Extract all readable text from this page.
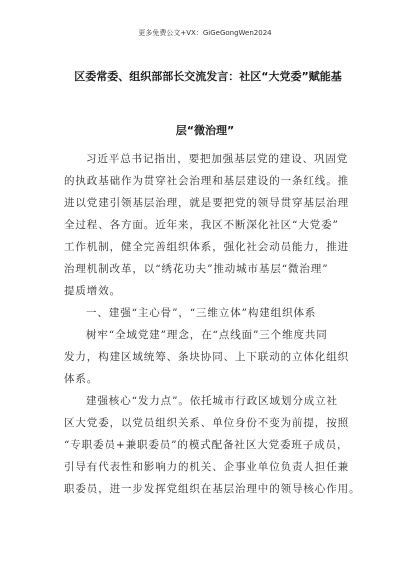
更多免费公文+VX：GiGeGongWen2024
区委常委、组织部部长交流发言：社区“大党委”赋能基
层“微治理”
习近平总书记指出，要把加强基层党的建设、巩固党
的执政基础作为贯穿社会治理和基层建设的一条红线。推
进以党建引领基层治理，就是要把党的领导贯穿基层治理
全过程、各方面。近年来，我区不断深化社区“大党委”
工作机制，健全完善组织体系，强化社会动员能力，推进
治理机制改革，以“绣花功夫”推动城市基层“微治理”
提质增效。
一、建强“主心骨”，“三维立体”构建组织体系
树牢“全域党建”理念，在“点线面”三个维度共同
发力，构建区域统筹、条块协同、上下联动的立体化组织
体系。
建强核心“发力点”。依托城市行政区域划分成立社
区大党委，以党员组织关系、单位身份不变为前提，按照
“专职委员+兼职委员”的模式配备社区大党委班子成员，
引导有代表性和影响力的机关、企事业单位负责人担任兼
职委员，进一步发挥党组织在基层治理中的领导核心作用。
